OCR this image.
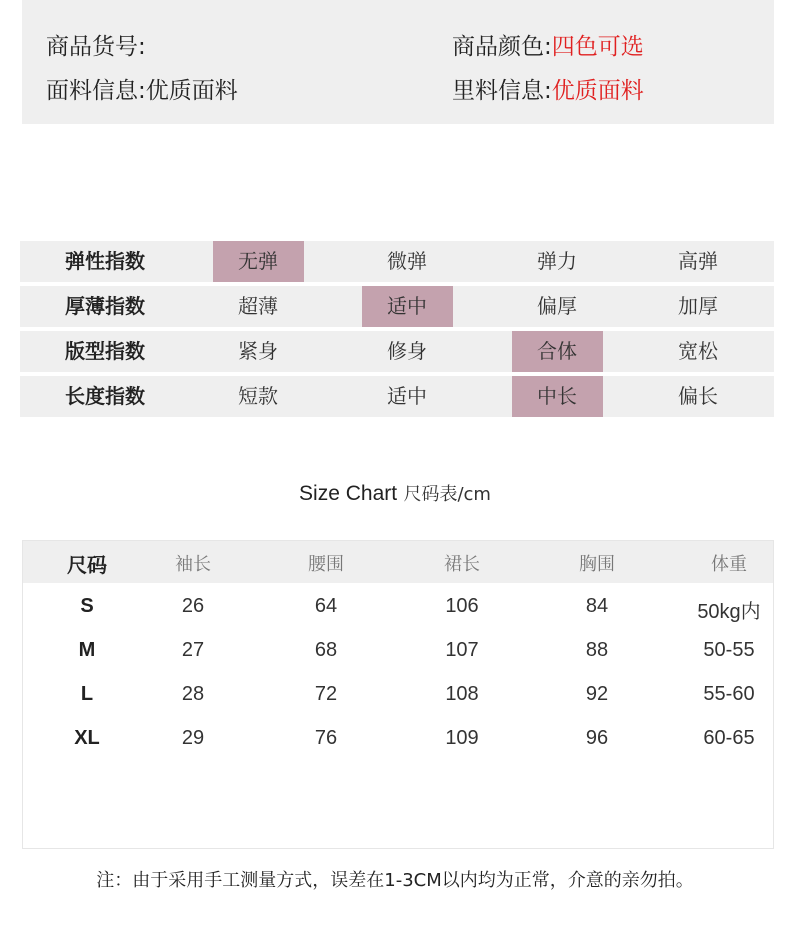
商品货号:	商品颜色:四色可选
面料信息:优质面料	里料信息:优质面料
弹性指数	无弹	微弹	弹力	高弹
厚薄指数	超薄	适中	偏厚	加厚
版型指数	紧身	修身	合体	宽松
长度指数	短款	适中	中长	偏长
Size Chart 尺码表/cm
尺码	袖长	腰围	裙长	胸围	体重
S	26	64	106	84	50kg内
M	27	68	107	88	50-55
L	28	72	108	92	55-60
XL	29	76	109	96	60-65
注：由于采用手工测量方式，误差在1-3CM以内均为正常，介意的亲勿拍。
